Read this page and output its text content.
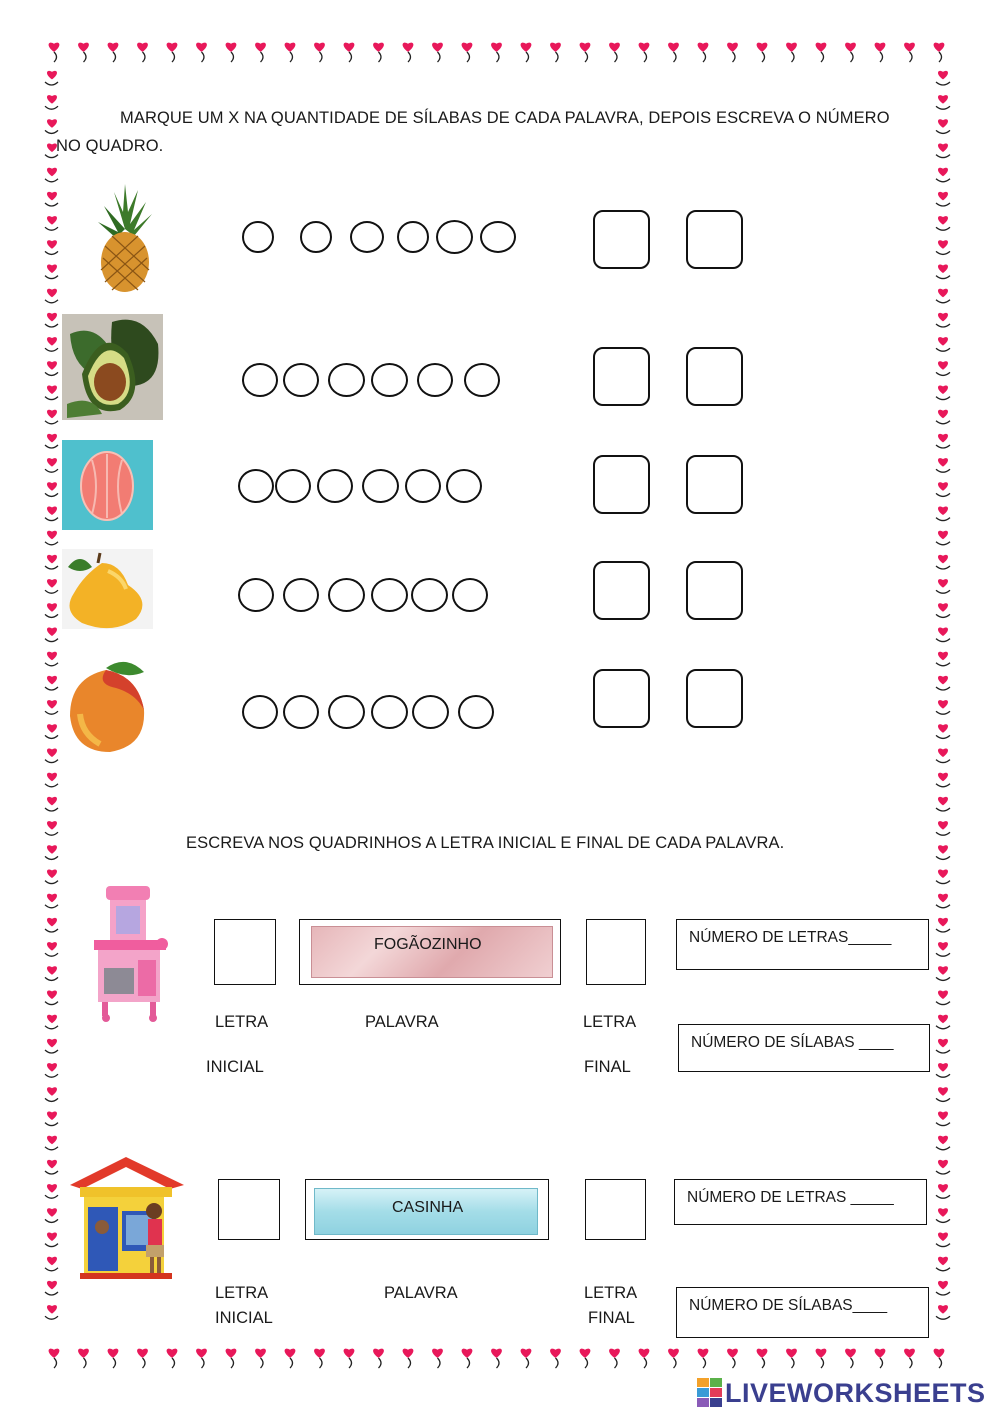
MARQUE UM X NA QUANTIDADE DE SÍLABAS DE CADA PALAVRA, DEPOIS ESCREVA O NÚMERO
NO QUADRO.
ESCREVA NOS QUADRINHOS A LETRA INICIAL E FINAL DE CADA PALAVRA.
FOGÃOZINHO	NÚMERO DE LETRAS_____
LETRA
INICIAL
PALAVRA	LETRA
FINAL
NÚMERO DE SÍLABAS ____
CASINHA
NÚMERO DE LETRAS _____
LETRA
INICIAL
PALAVRA	LETRA
FINAL
NÚMERO DE SÍLABAS____
LIVEWORKSHEETS
